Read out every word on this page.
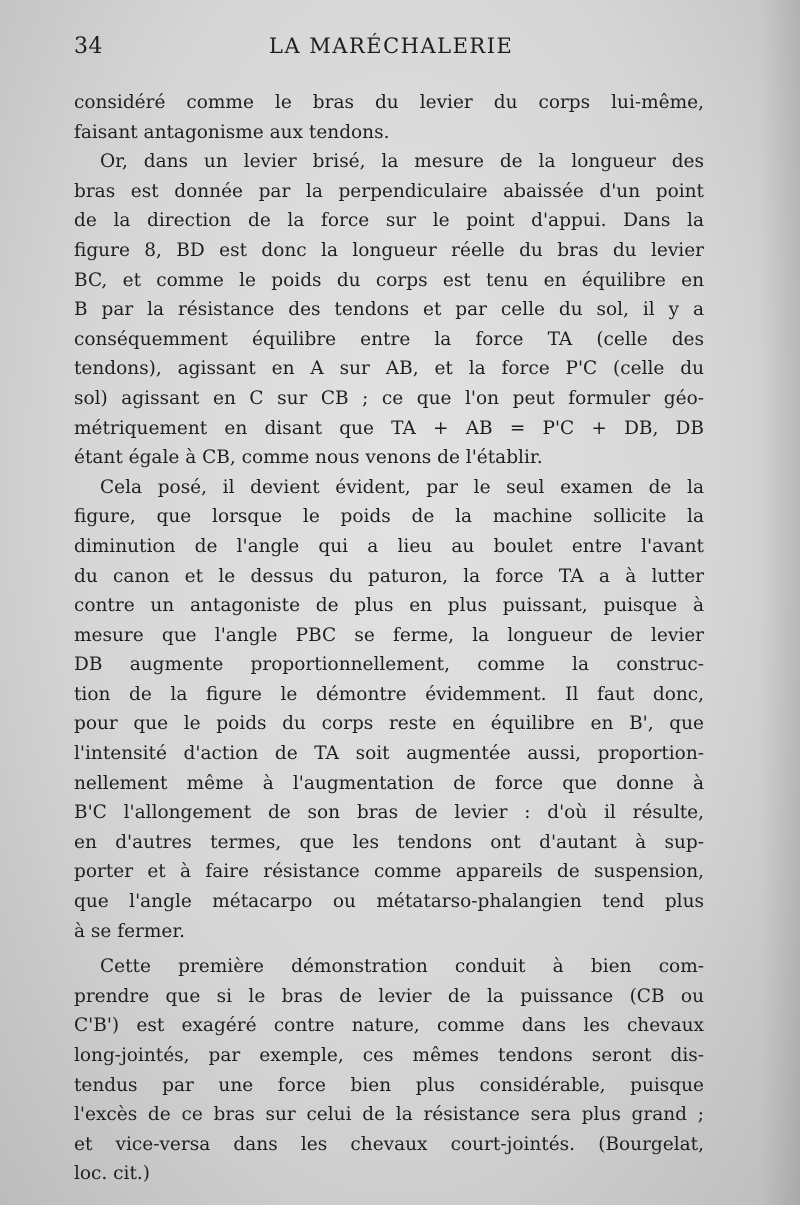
34	LA MARÉCHALERIE
considéré comme le bras du levier du corps lui-même,
faisant antagonisme aux tendons.
Or, dans un levier brisé, la mesure de la longueur des
bras est donnée par la perpendiculaire abaissée d'un point
de la direction de la force sur le point d'appui. Dans la
figure 8, BD est donc la longueur réelle du bras du levier
BC, et comme le poids du corps est tenu en équilibre en
B par la résistance des tendons et par celle du sol, il y a
conséquemment équilibre entre la force TA (celle des
tendons), agissant en A sur AB, et la force P'C (celle du
sol) agissant en C sur CB ; ce que l'on peut formuler géo-
métriquement en disant que TA + AB = P'C + DB, DB
étant égale à CB, comme nous venons de l'établir.
Cela posé, il devient évident, par le seul examen de la
figure, que lorsque le poids de la machine sollicite la
diminution de l'angle qui a lieu au boulet entre l'avant
du canon et le dessus du paturon, la force TA a à lutter
contre un antagoniste de plus en plus puissant, puisque à
mesure que l'angle PBC se ferme, la longueur de levier
DB augmente proportionnellement, comme la construc-
tion de la figure le démontre évidemment. Il faut donc,
pour que le poids du corps reste en équilibre en B', que
l'intensité d'action de TA soit augmentée aussi, proportion-
nellement même à l'augmentation de force que donne à
B'C l'allongement de son bras de levier : d'où il résulte,
en d'autres termes, que les tendons ont d'autant à sup-
porter et à faire résistance comme appareils de suspension,
que l'angle métacarpo ou métatarso-phalangien tend plus
à se fermer.
Cette première démonstration conduit à bien com-
prendre que si le bras de levier de la puissance (CB ou
C'B') est exagéré contre nature, comme dans les chevaux
long-jointés, par exemple, ces mêmes tendons seront dis-
tendus par une force bien plus considérable, puisque
l'excès de ce bras sur celui de la résistance sera plus grand ;
et vice-versa dans les chevaux court-jointés. (Bourgelat,
loc. cit.)
